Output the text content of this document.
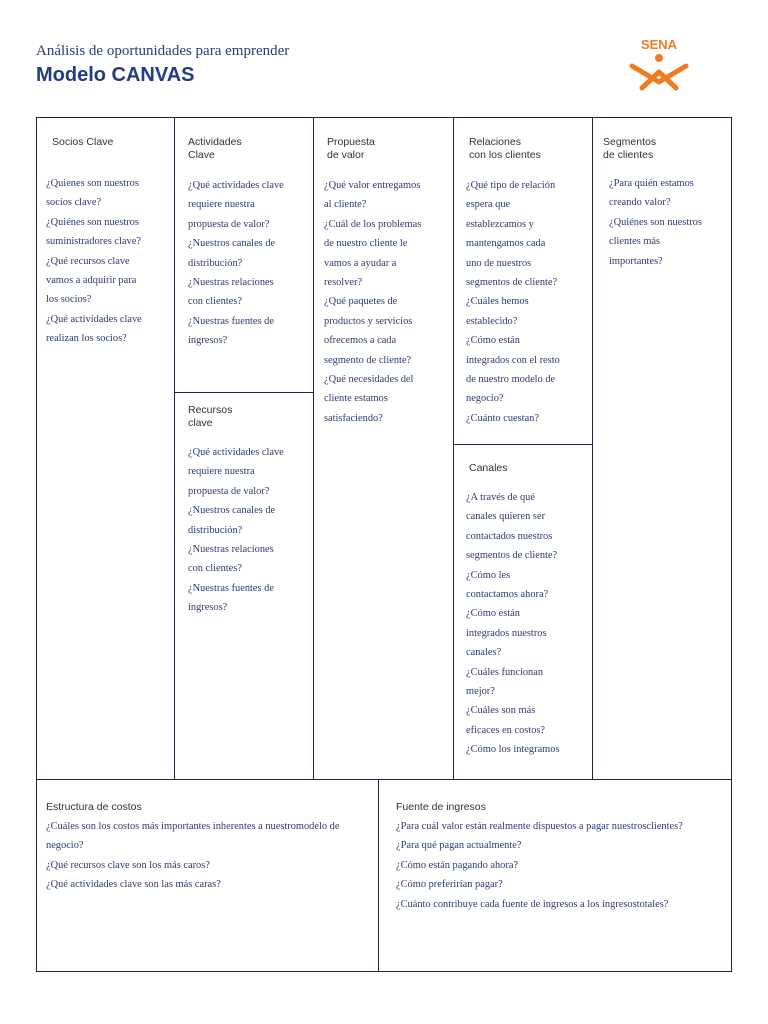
Análisis de oportunidades para emprender
Modelo CANVAS
SENA
Socios Clave
¿Quienes son nuestros
socios clave?
¿Quiénes son nuestros
suministradores clave?
¿Qué recursos clave
vamos a adquirir para
los socios?
¿Qué actividades clave
realizan los socios?
Actividades
Clave
¿Qué actividades clave
requiere nuestra
propuesta de valor?
¿Nuestros canales de
distribución?
¿Nuestras relaciones
con clientes?
¿Nuestras fuentes de
ingresos?
Recursos
clave
¿Qué actividades clave
requiere nuestra
propuesta de valor?
¿Nuestros canales de
distribución?
¿Nuestras relaciones
con clientes?
¿Nuestras fuentes de
ingresos?
Propuesta
de valor
¿Qué valor entregamos
al cliente?
¿Cuál de los problemas
de nuestro cliente le
vamos a ayudar a
resolver?
¿Qué paquetes de
productos y servicios
ofrecemos a cada
segmento de cliente?
¿Qué necesidades del
cliente estamos
satisfaciendo?
Relaciones
con los clientes
¿Qué tipo de relación
espera que
establezcamos y
mantengamos cada
uno de nuestros
segmentos de cliente?
¿Cuáles hemos
establecido?
¿Cómo están
integrados con el resto
de nuestro modelo de
negocio?
¿Cuánto cuestan?
Canales
¿A través de qué
canales quieren ser
contactados nuestros
segmentos de cliente?
¿Cómo les
contactamos ahora?
¿Cómo están
integrados nuestros
canales?
¿Cuáles funcionan
mejor?
¿Cuáles son más
eficaces en costos?
¿Cómo los integramos
Segmentos
de clientes
¿Para quién estamos
creando valor?
¿Quiénes son nuestros
clientes más
importantes?
Estructura de costos
¿Cuáles son los costos más importantes inherentes a nuestromodelo de negocio?
¿Qué recursos clave son los más caros?
¿Qué actividades clave son las más caras?
Fuente de ingresos
¿Para cuál valor están realmente dispuestos a pagar nuestrosclientes?
¿Para qué pagan actualmente?
¿Cómo están pagando ahora?
¿Cómo preferirían pagar?
¿Cuánto contribuye cada fuente de ingresos a los ingresostotales?
